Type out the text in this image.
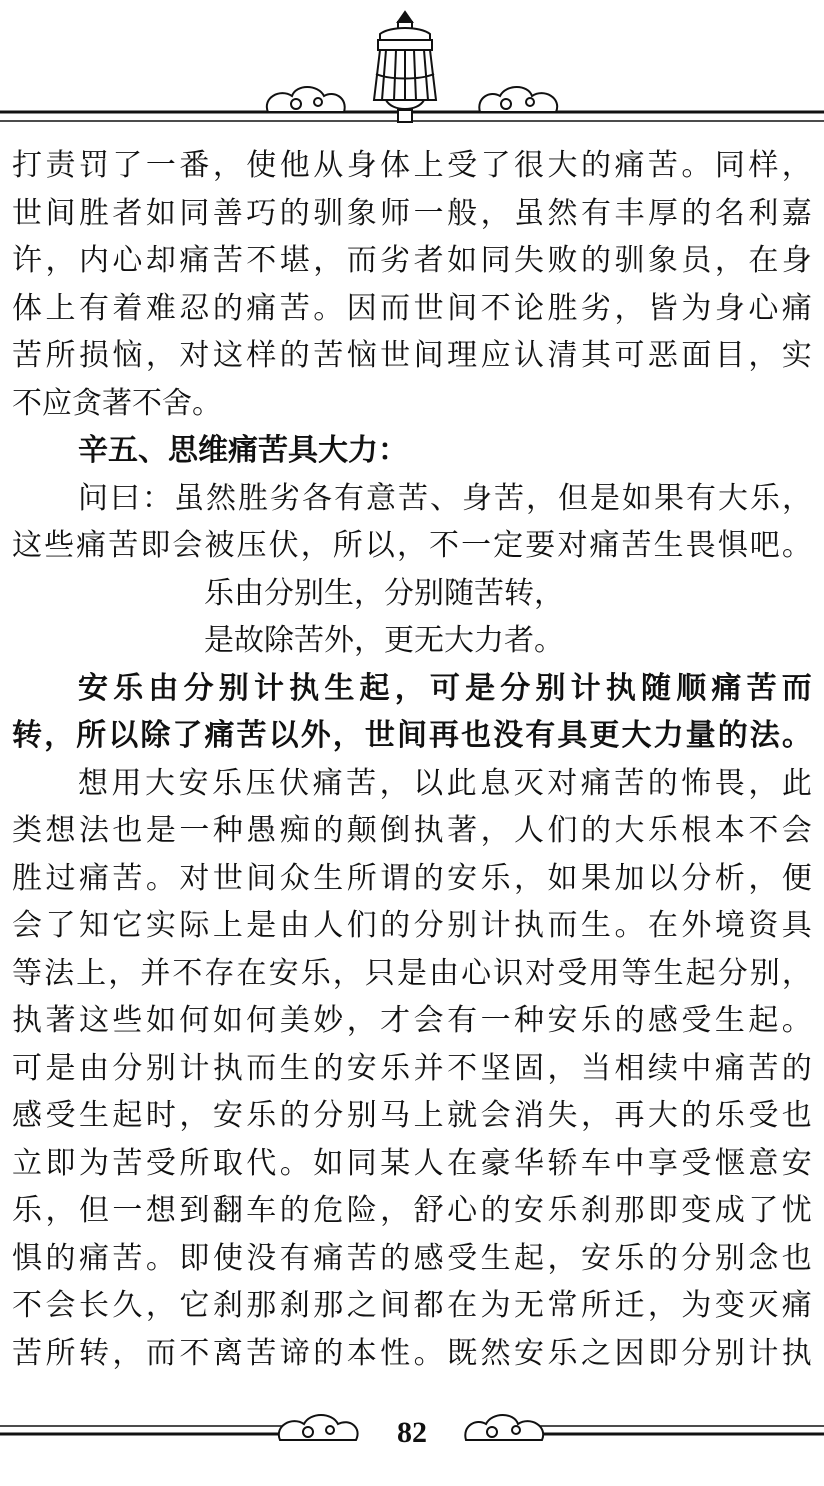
打 责 罚 了 一 番 ， 使 他 从 身 体 上 受 了 很 大 的 痛 苦 。 同 样 ，
世 间 胜 者 如 同 善 巧 的 驯 象 师 一 般 ， 虽 然 有 丰 厚 的 名 利 嘉
许 ， 内 心 却 痛 苦 不 堪 ， 而 劣 者 如 同 失 败 的 驯 象 员 ， 在 身
体 上 有 着 难 忍 的 痛 苦 。 因 而 世 间 不 论 胜 劣 ， 皆 为 身 心 痛
苦 所 损 恼 ， 对 这 样 的 苦 恼 世 间 理 应 认 清 其 可 恶 面 目 ， 实
不应贪著不舍。
辛五、思维痛苦具大力：
问 曰 ： 虽 然 胜 劣 各 有 意 苦 、 身 苦 ， 但 是 如 果 有 大 乐 ，
这 些 痛 苦 即 会 被 压 伏 ， 所 以 ， 不 一 定 要 对 痛 苦 生 畏 惧 吧 。
乐由分别生，分别随苦转，
是故除苦外，更无大力者。
安 乐 由 分 别 计 执 生 起 ， 可 是 分 别 计 执 随 顺 痛 苦 而
转 ， 所 以 除 了 痛 苦 以 外 ， 世 间 再 也 没 有 具 更 大 力 量 的 法 。
想 用 大 安 乐 压 伏 痛 苦 ， 以 此 息 灭 对 痛 苦 的 怖 畏 ， 此
类 想 法 也 是 一 种 愚 痴 的 颠 倒 执 著 ， 人 们 的 大 乐 根 本 不 会
胜 过 痛 苦 。 对 世 间 众 生 所 谓 的 安 乐 ， 如 果 加 以 分 析 ， 便
会 了 知 它 实 际 上 是 由 人 们 的 分 别 计 执 而 生 。 在 外 境 资 具
等 法 上 ， 并 不 存 在 安 乐 ， 只 是 由 心 识 对 受 用 等 生 起 分 别 ，
执 著 这 些 如 何 如 何 美 妙 ， 才 会 有 一 种 安 乐 的 感 受 生 起 。
可 是 由 分 别 计 执 而 生 的 安 乐 并 不 坚 固 ， 当 相 续 中 痛 苦 的
感 受 生 起 时 ， 安 乐 的 分 别 马 上 就 会 消 失 ， 再 大 的 乐 受 也
立 即 为 苦 受 所 取 代 。 如 同 某 人 在 豪 华 轿 车 中 享 受 惬 意 安
乐 ， 但 一 想 到 翻 车 的 危 险 ， 舒 心 的 安 乐 刹 那 即 变 成 了 忧
惧 的 痛 苦 。 即 使 没 有 痛 苦 的 感 受 生 起 ， 安 乐 的 分 别 念 也
不 会 长 久 ， 它 刹 那 刹 那 之 间 都 在 为 无 常 所 迁 ， 为 变 灭 痛
苦 所 转 ， 而 不 离 苦 谛 的 本 性 。 既 然 安 乐 之 因 即 分 别 计 执
82
